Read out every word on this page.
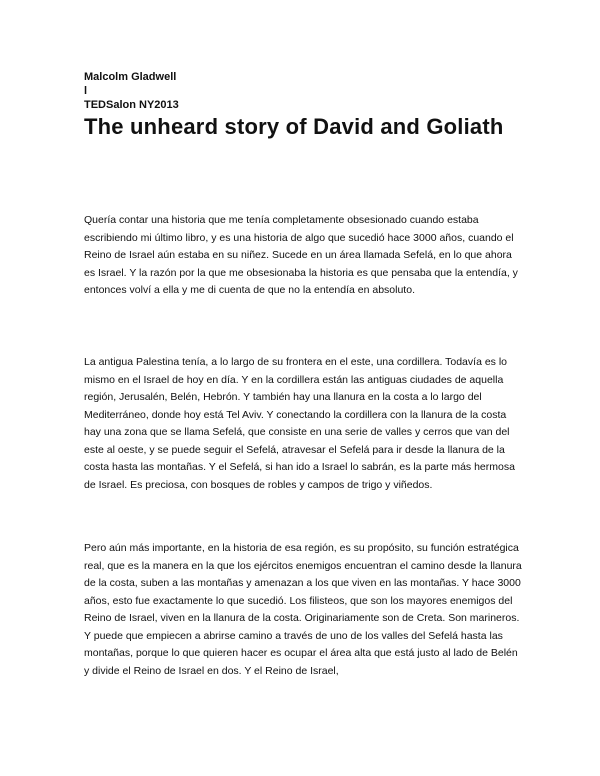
Malcolm Gladwell

l

TEDSalon NY2013

The unheard story of David and Goliath

Quería contar una historia que me tenía completamente obsesionado cuando estaba escribiendo mi último libro, y es una historia de algo que sucedió hace 3000 años, cuando el Reino de Israel aún estaba en su niñez. Sucede en un área llamada Sefelá, en lo que ahora es Israel. Y la razón por la que me obsesionaba la historia es que pensaba que la entendía, y entonces volví a ella y me di cuenta de que no la entendía en absoluto.

La antigua Palestina tenía, a lo largo de su frontera en el este, una cordillera. Todavía es lo mismo en el Israel de hoy en día. Y en la cordillera están las antiguas ciudades de aquella región, Jerusalén, Belén, Hebrón. Y también hay una llanura en la costa a lo largo del Mediterráneo, donde hoy está Tel Aviv. Y conectando la cordillera con la llanura de la costa hay una zona que se llama Sefelá, que consiste en una serie de valles y cerros que van del este al oeste, y se puede seguir el Sefelá, atravesar el Sefelá para ir desde la llanura de la costa hasta las montañas. Y el Sefelá, si han ido a Israel lo sabrán, es la parte más hermosa de Israel. Es preciosa, con bosques de robles y campos de trigo y viñedos.

Pero aún más importante, en la historia de esa región, es su propósito, su función estratégica real, que es la manera en la que los ejércitos enemigos encuentran el camino desde la llanura de la costa, suben a las montañas y amenazan a los que viven en las montañas. Y hace 3000 años, esto fue exactamente lo que sucedió. Los filisteos, que son los mayores enemigos del Reino de Israel, viven en la llanura de la costa. Originariamente son de Creta. Son marineros. Y puede que empiecen a abrirse camino a través de uno de los valles del Sefelá hasta las montañas, porque lo que quieren hacer es ocupar el área alta que está justo al lado de Belén y divide el Reino de Israel en dos. Y el Reino de Israel,
